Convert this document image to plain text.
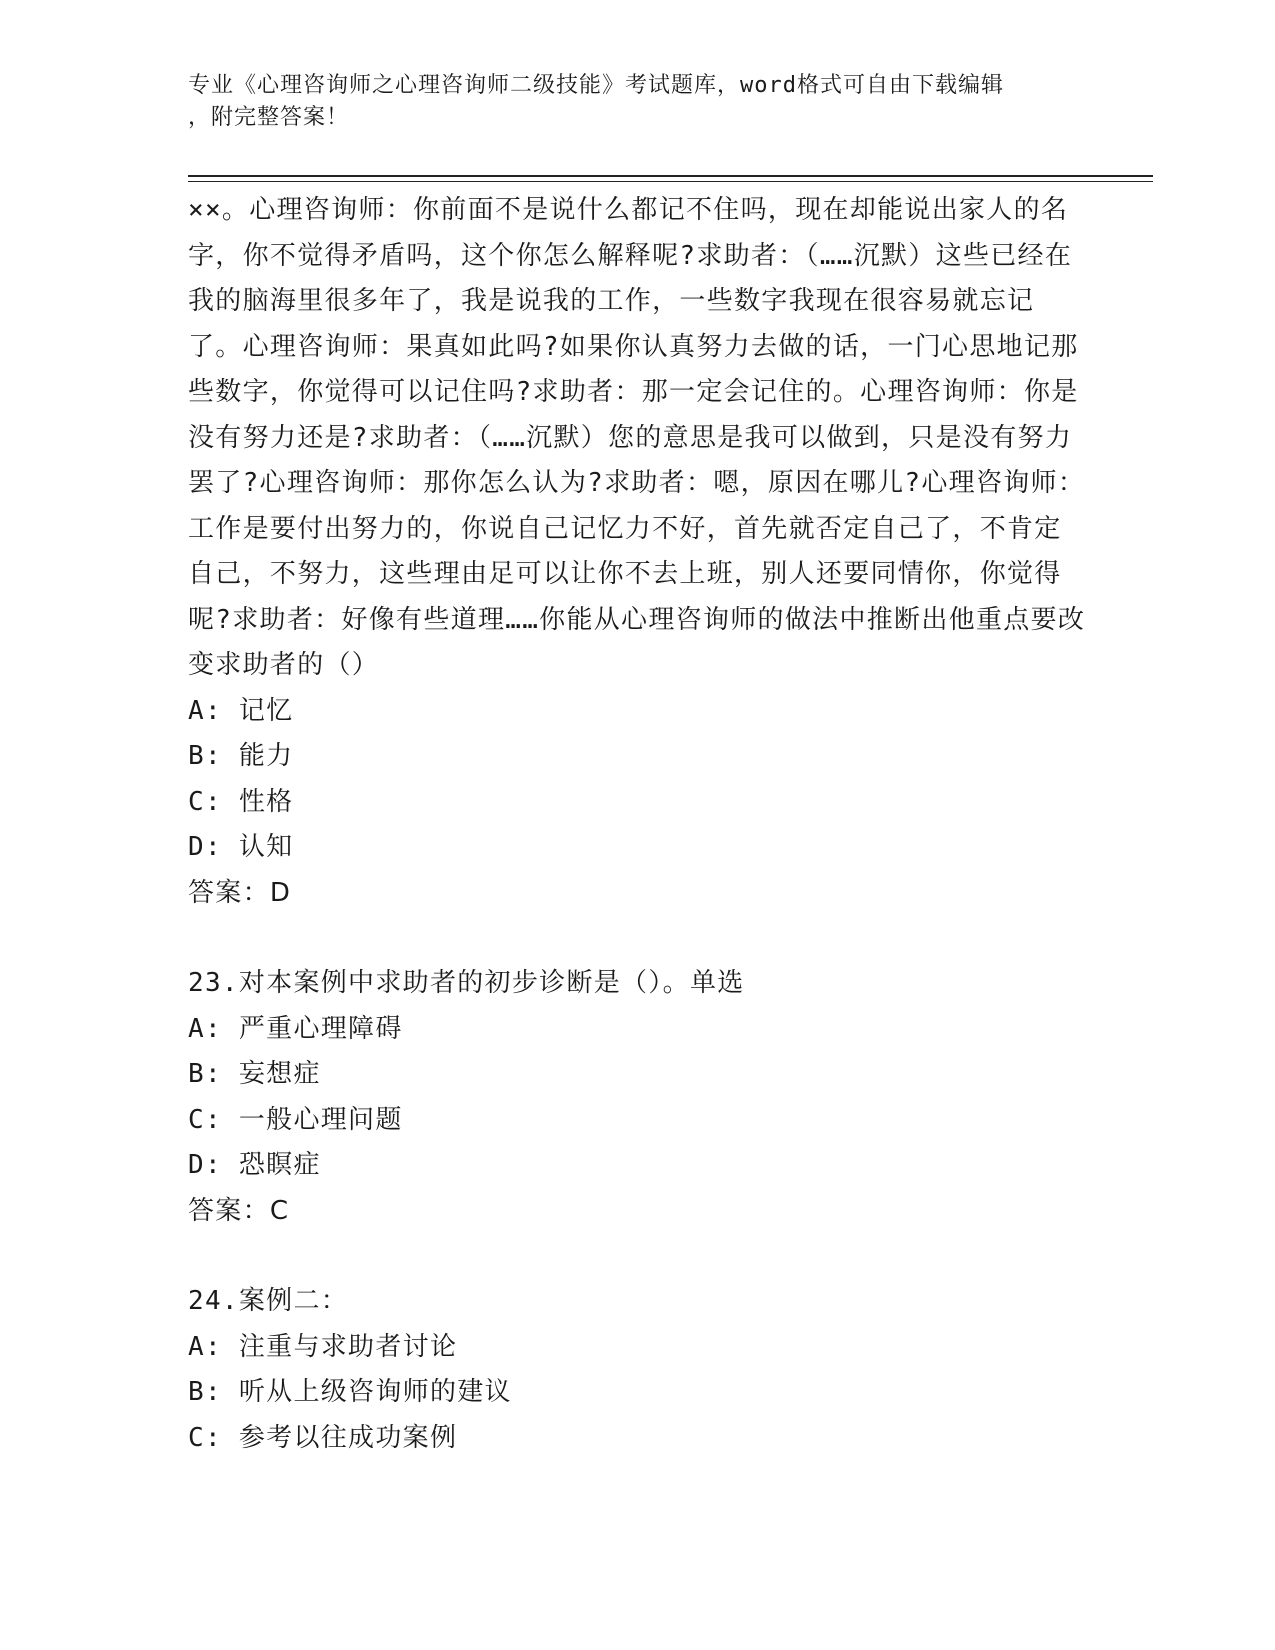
专业《心理咨询师之心理咨询师二级技能》考试题库，word格式可自由下载编辑
，附完整答案！

××。心理咨询师：你前面不是说什么都记不住吗，现在却能说出家人的名字，你不觉得矛盾吗，这个你怎么解释呢?求助者：（……沉默）这些已经在我的脑海里很多年了，我是说我的工作，一些数字我现在很容易就忘记了。心理咨询师：果真如此吗?如果你认真努力去做的话，一门心思地记那些数字，你觉得可以记住吗?求助者：那一定会记住的。心理咨询师：你是没有努力还是?求助者：（……沉默）您的意思是我可以做到，只是没有努力罢了?心理咨询师：那你怎么认为?求助者：嗯，原因在哪儿?心理咨询师：工作是要付出努力的，你说自己记忆力不好，首先就否定自己了，不肯定自己，不努力，这些理由足可以让你不去上班，别人还要同情你，你觉得呢?求助者：好像有些道理……你能从心理咨询师的做法中推断出他重点要改变求助者的（）

A: 记忆

B: 能力

C: 性格

D: 认知

答案：D

23.对本案例中求助者的初步诊断是（）。单选

A: 严重心理障碍

B: 妄想症

C: 一般心理问题

D: 恐瞑症

答案：C

24.案例二：

A: 注重与求助者讨论

B: 听从上级咨询师的建议

C: 参考以往成功案例
